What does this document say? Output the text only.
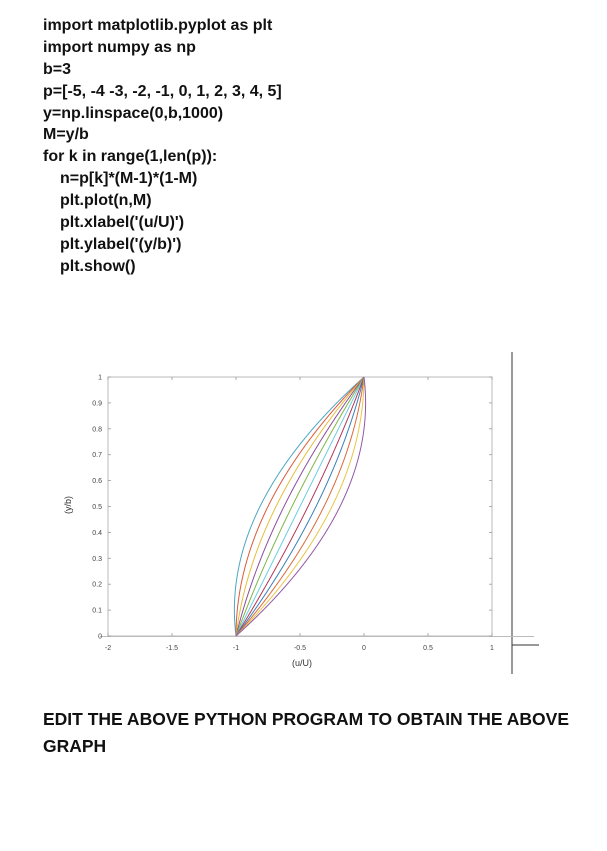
import matplotlib.pyplot as plt
import numpy as np
b=3
p=[-5, -4 -3, -2, -1, 0, 1, 2, 3, 4, 5]
y=np.linspace(0,b,1000)
M=y/b
for k in range(1,len(p)):
n=p[k]*(M-1)*(1-M)
plt.plot(n,M)
plt.xlabel('(u/U)')
plt.ylabel('(y/b)')
plt.show()
0
0.1
0.2
0.3
0.4
0.5
0.6
0.7
0.8
0.9
1
-2	-1.5	-1	-0.5	0	0.5	1
(u/U)
(y/b)
EDIT THE ABOVE PYTHON PROGRAM TO OBTAIN THE ABOVE GRAPH
